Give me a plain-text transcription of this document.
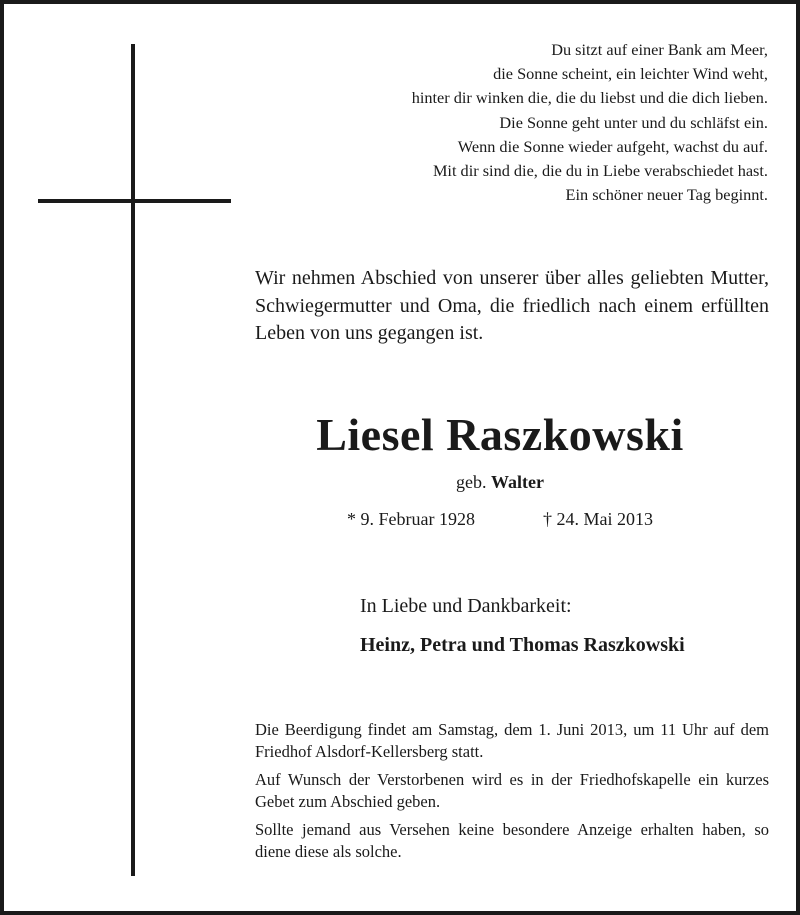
Du sitzt auf einer Bank am Meer,
die Sonne scheint, ein leichter Wind weht,
hinter dir winken die, die du liebst und die dich lieben.
Die Sonne geht unter und du schläfst ein.
Wenn die Sonne wieder aufgeht, wachst du auf.
Mit dir sind die, die du in Liebe verabschiedet hast.
Ein schöner neuer Tag beginnt.
Wir nehmen Abschied von unserer über alles geliebten Mutter, Schwiegermutter und Oma, die friedlich nach einem erfüllten Leben von uns gegangen ist.
Liesel Raszkowski
geb. Walter
* 9. Februar 1928	† 24. Mai 2013
In Liebe und Dankbarkeit:
Heinz, Petra und Thomas Raszkowski

Die Beerdigung findet am Samstag, dem 1. Juni 2013, um 11 Uhr auf dem Friedhof Alsdorf-Kellersberg statt.

Auf Wunsch der Verstorbenen wird es in der Friedhofskapelle ein kurzes Gebet zum Abschied geben.

Sollte jemand aus Versehen keine besondere Anzeige erhalten haben, so diene diese als solche.
